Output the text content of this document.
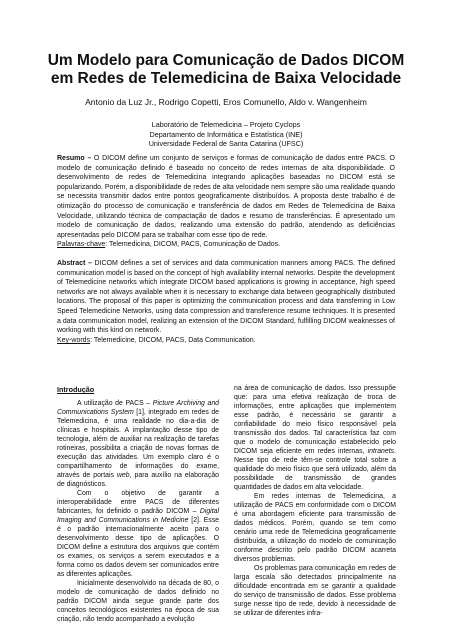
Um Modelo para Comunicação de Dados DICOM
em Redes de Telemedicina de Baixa Velocidade
Antonio da Luz Jr., Rodrigo Copetti, Eros Comunello, Aldo v. Wangenheim
Laboratório de Telemedicina – Projeto Cyclops
Departamento de Informática e Estatística (INE)
Universidade Federal de Santa Catarina (UFSC)

Resumo – O DICOM define um conjunto de serviços e formas de comunicação de dados entre PACS. O modelo de comunicação definido é baseado no conceito de redes internas de alta disponibilidade. O desenvolvimento de redes de Telemedicina integrando aplicações baseadas no DICOM está se popularizando. Porém, a disponibilidade de redes de alta velocidade nem sempre são uma realidade quando se necessita transmitir dados entre pontos geograficamente distribuídos. A proposta deste trabalho é de otimização do processo de comunicação e transferência de dados em Redes de Telemedicina de Baixa Velocidade, utilizando técnica de compactação de dados e resumo de transferências. É apresentado um modelo de comunicação de dados, realizando uma extensão do padrão, atendendo as deficiências apresentadas pelo DICOM para se trabalhar com esse tipo de rede.

Palavras-chave: Telemedicina, DICOM, PACS, Comunicação de Dados.

Abstract – DICOM defines a set of services and data communication manners among PACS. The defined communication model is based on the concept of high availability internal networks. Despite the development of Telemedicine networks which integrate DICOM based applications is growing in acceptance, high speed networks are not always available when it is necessary to exchange data between geographically distributed locations. The proposal of this paper is optimizing the communication process and data transferring in Low Speed Telemedicine Networks, using data compression and transference resume techniques. It is presented a data communication model, realizing an extension of the DICOM Standard, fulfilling DICOM weaknesses of working with this kind on network.

Key-words: Telemedicine, DICOM, PACS, Data Communication.

Introdução

A utilização de PACS – Picture Archiving and Communications System [1], integrado em redes de Telemedicina, é uma realidade no dia-a-dia de clínicas e hospitais. A implantação desse tipo de tecnologia, além de auxiliar na realização de tarefas rotineiras, possibilita a criação de novas formas de execução das atividades. Um exemplo claro é o compartilhamento de informações do exame, através de portais web, para auxílio na elaboração de diagnósticos.

Com o objetivo de garantir a interoperabilidade entre PACS de diferentes fabricantes, foi definido o padrão DICOM – Digital Imaging and Communications in Medicine [2]. Esse é o padrão internacionalmente aceito para o desenvolvimento desse tipo de aplicações. O DICOM define a estrutura dos arquivos que contém os exames, os serviços a serem executados e a forma como os dados devem ser comunicados entre as diferentes aplicações.

Inicialmente desenvolvido na década de 80, o modelo de comunicação de dados definido no padrão DICOM ainda segue grande parte dos conceitos tecnológicos existentes na época de sua criação, não tendo acompanhado a evolução

na área de comunicação de dados. Isso pressupõe que: para uma efetiva realização de troca de informações, entre aplicações que implementem esse padrão, é necessário se garantir a confiabilidade do meio físico responsável pela transmissão dos dados. Tal característica faz com que o modelo de comunicação estabelecido pelo DICOM seja eficiente em redes internas, intranets. Nesse tipo de rede têm-se controle total sobre a qualidade do meio físico que será utilizado, além da possibilidade de transmissão de grandes quantidades de dados em alta velocidade.

Em redes internas de Telemedicina, a utilização de PACS em conformidade com o DICOM é uma abordagem eficiente para transmissão de dados médicos. Porém, quando se tem como cenário uma rede de Telemedicina geograficamente distribuída, a utilização do modelo de comunicação conforme descrito pelo padrão DICOM acarreta diversos problemas.

Os problemas para comunicação em redes de larga escala são detectados principalmente na dificuldade encontrada em se garantir a qualidade do serviço de transmissão de dados. Esse problema surge nesse tipo de rede, devido à necessidade de se utilizar de diferentes infra-
